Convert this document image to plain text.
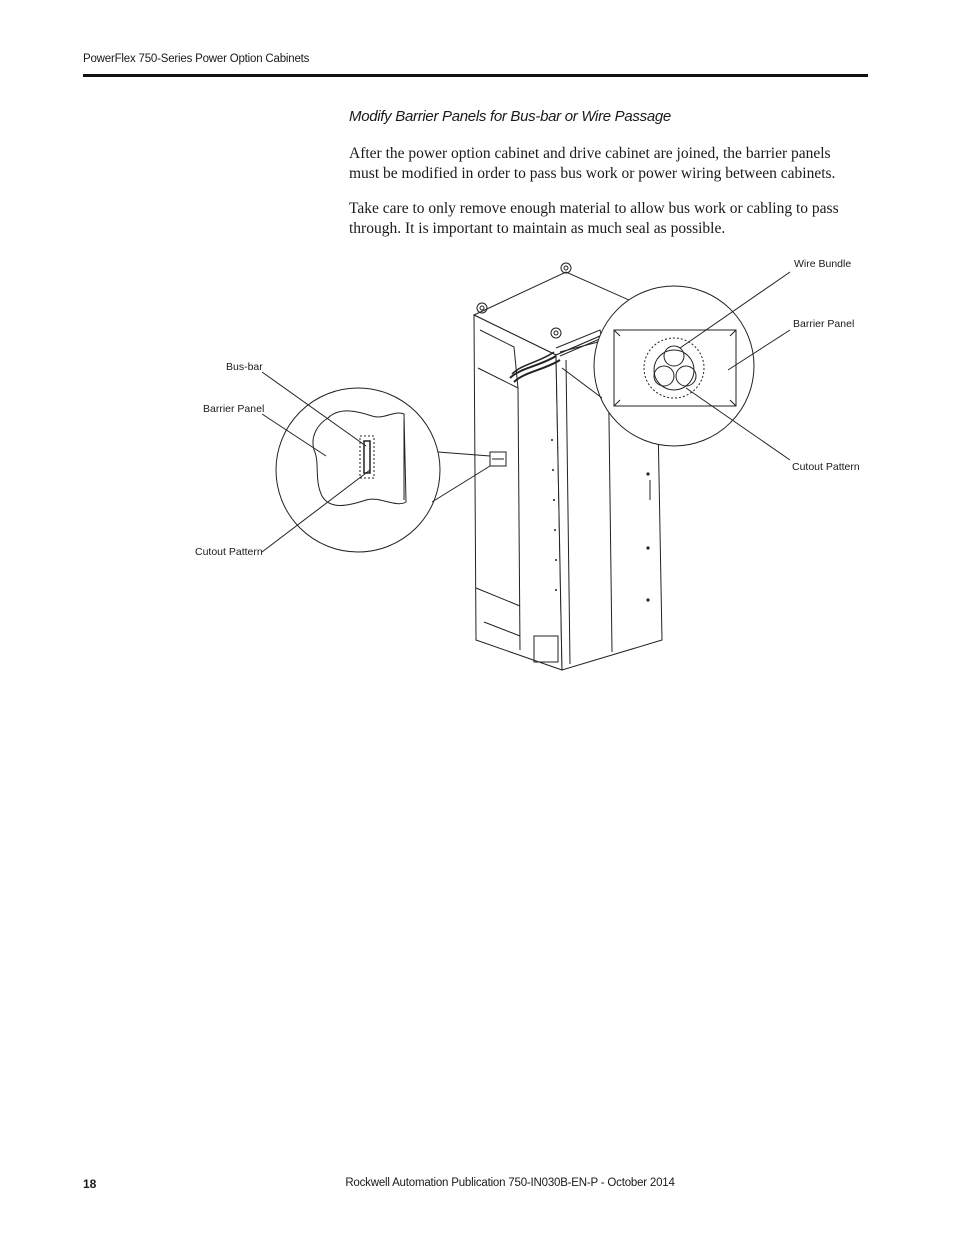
PowerFlex 750-Series Power Option Cabinets
Modify Barrier Panels for Bus-bar or Wire Passage

After the power option cabinet and drive cabinet are joined, the barrier panels must be modified in order to pass bus work or power wiring between cabinets.

Take care to only remove enough material to allow bus work or cabling to pass through. It is important to maintain as much seal as possible.

Bus-bar
Barrier Panel
Cutout Pattern
Wire Bundle
Barrier Panel
Cutout Pattern
18	Rockwell Automation Publication 750-IN030B-EN-P - October 2014
